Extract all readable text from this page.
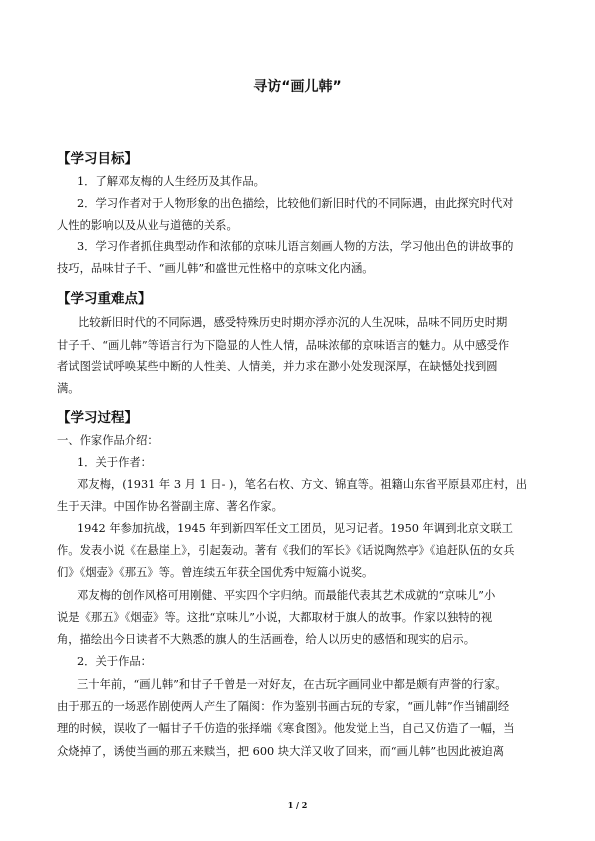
寻访“画儿韩”
【学习目标】
1．了解邓友梅的人生经历及其作品。
2．学习作者对于人物形象的出色描绘，比较他们新旧时代的不同际遇，由此探究时代对
人性的影响以及从业与道德的关系。
3．学习作者抓住典型动作和浓郁的京味儿语言刻画人物的方法，学习他出色的讲故事的
技巧，品味甘子千、“画儿韩”和盛世元性格中的京味文化内涵。
【学习重难点】
比较新旧时代的不同际遇，感受特殊历史时期亦浮亦沉的人生况味，品味不同历史时期
甘子千、“画儿韩”等语言行为下隐显的人性人情，品味浓郁的京味语言的魅力。从中感受作
者试图尝试呼唤某些中断的人性美、人情美，并力求在渺小处发现深厚，在缺憾处找到圆
满。
【学习过程】
一、作家作品介绍：
1．关于作者：
邓友梅，(1931 年 3 月 1 日- )，笔名右枚、方文、锦直等。祖籍山东省平原县邓庄村，出
生于天津。中国作协名誉副主席、著名作家。
1942 年参加抗战，1945 年到新四军任文工团员，见习记者。1950 年调到北京文联工
作。发表小说《在悬崖上》，引起轰动。著有《我们的军长》《话说陶然亭》《追赶队伍的女兵
们》《烟壶》《那五》等。曾连续五年获全国优秀中短篇小说奖。
邓友梅的创作风格可用刚健、平实四个字归纳。而最能代表其艺术成就的“京味儿”小
说是《那五》《烟壶》等。这批“京味儿”小说，大都取材于旗人的故事。作家以独特的视
角，描绘出今日读者不大熟悉的旗人的生活画卷，给人以历史的感悟和现实的启示。
2．关于作品：
三十年前，“画儿韩”和甘子千曾是一对好友，在古玩字画同业中都是颇有声誉的行家。
由于那五的一场恶作剧使两人产生了隔阂：作为鉴别书画古玩的专家，“画儿韩”作当铺副经
理的时候，误收了一幅甘子千仿造的张择端《寒食图》。他发觉上当，自己又仿造了一幅，当
众烧掉了，诱使当画的那五来赎当，把 600 块大洋又收了回来，而“画儿韩”也因此被迫离
1 / 2
